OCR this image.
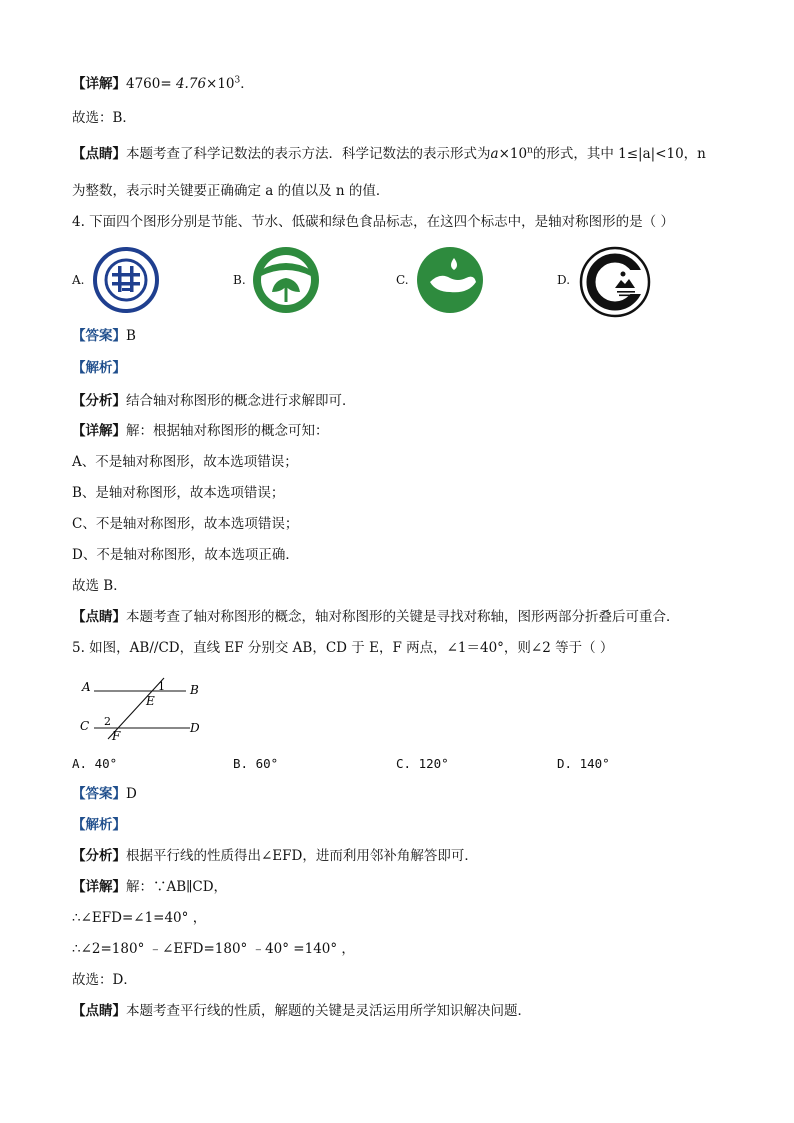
【详解】$4760= 4.76\times 10^3$．
故选：B．
【点睛】本题考查了科学记数法的表示方法．科学记数法的表示形式为$a\times 10^n$的形式，其中 1≤|a|<10，n
为整数，表示时关键要正确确定 a 的值以及 n 的值．
4. 下面四个图形分别是节能、节水、低碳和绿色食品标志，在这四个标志中，是轴对称图形的是（ ）
A.	B.	C.	D.
【答案】B
【解析】
【分析】结合轴对称图形的概念进行求解即可．
【详解】解：根据轴对称图形的概念可知：
A、不是轴对称图形，故本选项错误；
B、是轴对称图形，故本选项错误；
C、不是轴对称图形，故本选项错误；
D、不是轴对称图形，故本选项正确．
故选 B．
【点睛】本题考查了轴对称图形的概念，轴对称图形的关键是寻找对称轴，图形两部分折叠后可重合．
5. 如图，AB//CD，直线 EF 分别交 AB，CD 于 E，F 两点，∠1＝40°，则∠2 等于（ ）
A	B
C	D
E
F
1
2
A. 40°	B. 60°	C. 120°	D. 140°
【答案】D
【解析】
【分析】根据平行线的性质得出∠EFD，进而利用邻补角解答即可．
【详解】解：∵AB∥CD，
∴∠EFD=∠1=40° ，
∴∠2=180° ﹣∠EFD=180° ﹣40° =140° ，
故选：D．
【点睛】本题考查平行线的性质，解题的关键是灵活运用所学知识解决问题．
